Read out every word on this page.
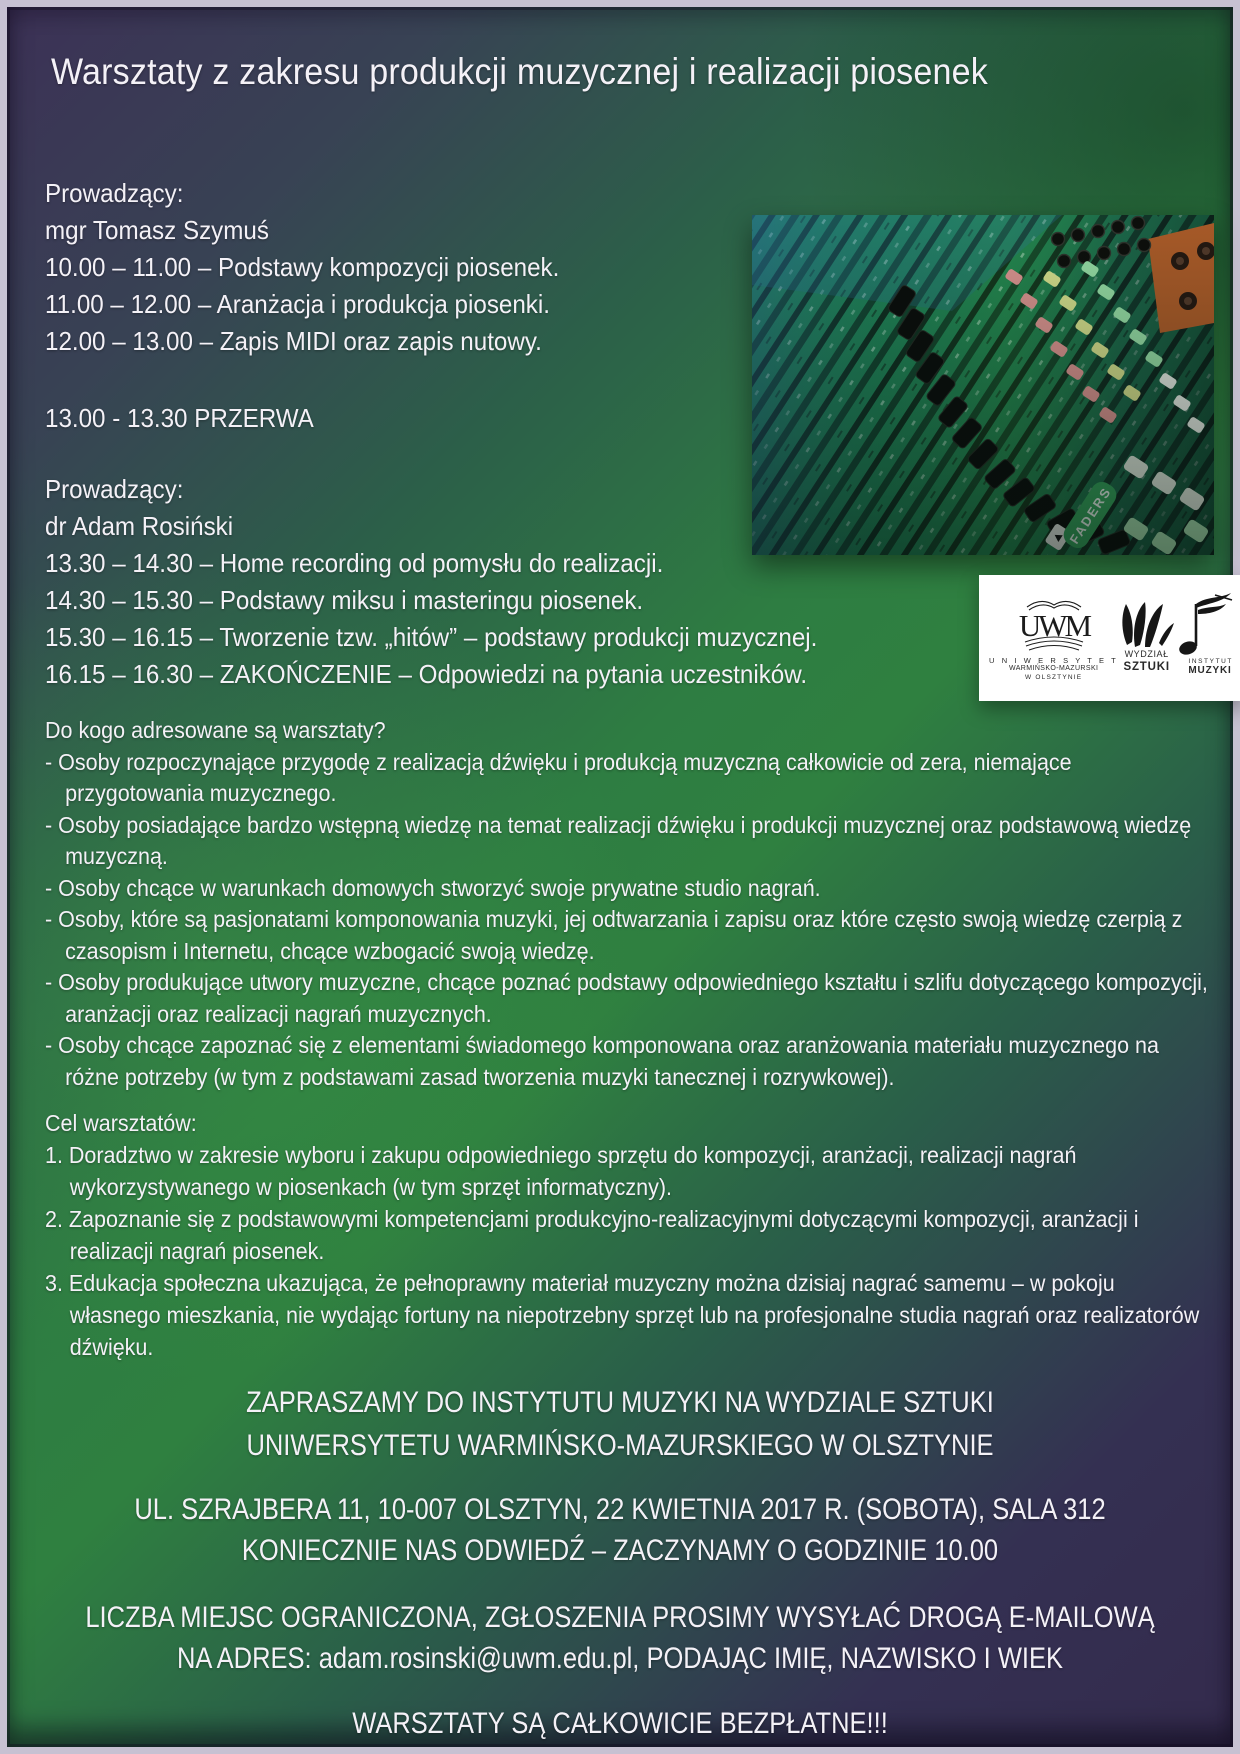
Warsztaty z zakresu produkcji muzycznej i realizacji piosenek
Prowadzący:
mgr Tomasz Szymuś
10.00 – 11.00 – Podstawy kompozycji piosenek.
11.00 – 12.00 – Aranżacja i produkcja piosenki.
12.00 – 13.00 – Zapis MIDI oraz zapis nutowy.
13.00 - 13.30 PRZERWA
Prowadzący:
dr Adam Rosiński
13.30 – 14.30 – Home recording od pomysłu do realizacji.
14.30 – 15.30 – Podstawy miksu i masteringu piosenek.
15.30 – 16.15 – Tworzenie tzw. „hitów” – podstawy produkcji muzycznej.
16.15 – 16.30 – ZAKOŃCZENIE – Odpowiedzi na pytania uczestników.
UWM
U N I W E R S Y T E T
WARMIŃSKO-MAZURSKI
W OLSZTYNIE
WYDZIAŁ
SZTUKI	INSTYTUT
MUZYKI
Do kogo adresowane są warsztaty?
- Osoby rozpoczynające przygodę z realizacją dźwięku i produkcją muzyczną całkowicie od zera, niemające przygotowania muzycznego.
- Osoby posiadające bardzo wstępną wiedzę na temat realizacji dźwięku i produkcji muzycznej oraz podstawową wiedzę muzyczną.
- Osoby chcące w warunkach domowych stworzyć swoje prywatne studio nagrań.
- Osoby, które są pasjonatami komponowania muzyki, jej odtwarzania i zapisu oraz które często swoją wiedzę czerpią z czasopism i Internetu, chcące wzbogacić swoją wiedzę.
- Osoby produkujące utwory muzyczne, chcące poznać podstawy odpowiedniego kształtu i szlifu dotyczącego kompozycji, aranżacji oraz realizacji nagrań muzycznych.
- Osoby chcące zapoznać się z elementami świadomego komponowana oraz aranżowania materiału muzycznego na różne potrzeby (w tym z podstawami zasad tworzenia muzyki tanecznej i rozrywkowej).
Cel warsztatów:
1. Doradztwo w zakresie wyboru i zakupu odpowiedniego sprzętu do kompozycji, aranżacji, realizacji nagrań wykorzystywanego w piosenkach (w tym sprzęt informatyczny).
2. Zapoznanie się z podstawowymi kompetencjami produkcyjno-realizacyjnymi dotyczącymi kompozycji, aranżacji i realizacji nagrań piosenek.
3. Edukacja społeczna ukazująca, że pełnoprawny materiał muzyczny można dzisiaj nagrać samemu – w pokoju własnego mieszkania, nie wydając fortuny na niepotrzebny sprzęt lub na profesjonalne studia nagrań oraz realizatorów dźwięku.
ZAPRASZAMY DO INSTYTUTU MUZYKI NA WYDZIALE SZTUKI
UNIWERSYTETU WARMIŃSKO-MAZURSKIEGO W OLSZTYNIE
UL. SZRAJBERA 11, 10-007 OLSZTYN, 22 KWIETNIA 2017 R. (SOBOTA), SALA 312
KONIECZNIE NAS ODWIEDŹ – ZACZYNAMY O GODZINIE 10.00
LICZBA MIEJSC OGRANICZONA, ZGŁOSZENIA PROSIMY WYSYŁAĆ DROGĄ E-MAILOWĄ
NA ADRES: adam.rosinski@uwm.edu.pl, PODAJĄC IMIĘ, NAZWISKO I WIEK
WARSZTATY SĄ CAŁKOWICIE BEZPŁATNE!!!
